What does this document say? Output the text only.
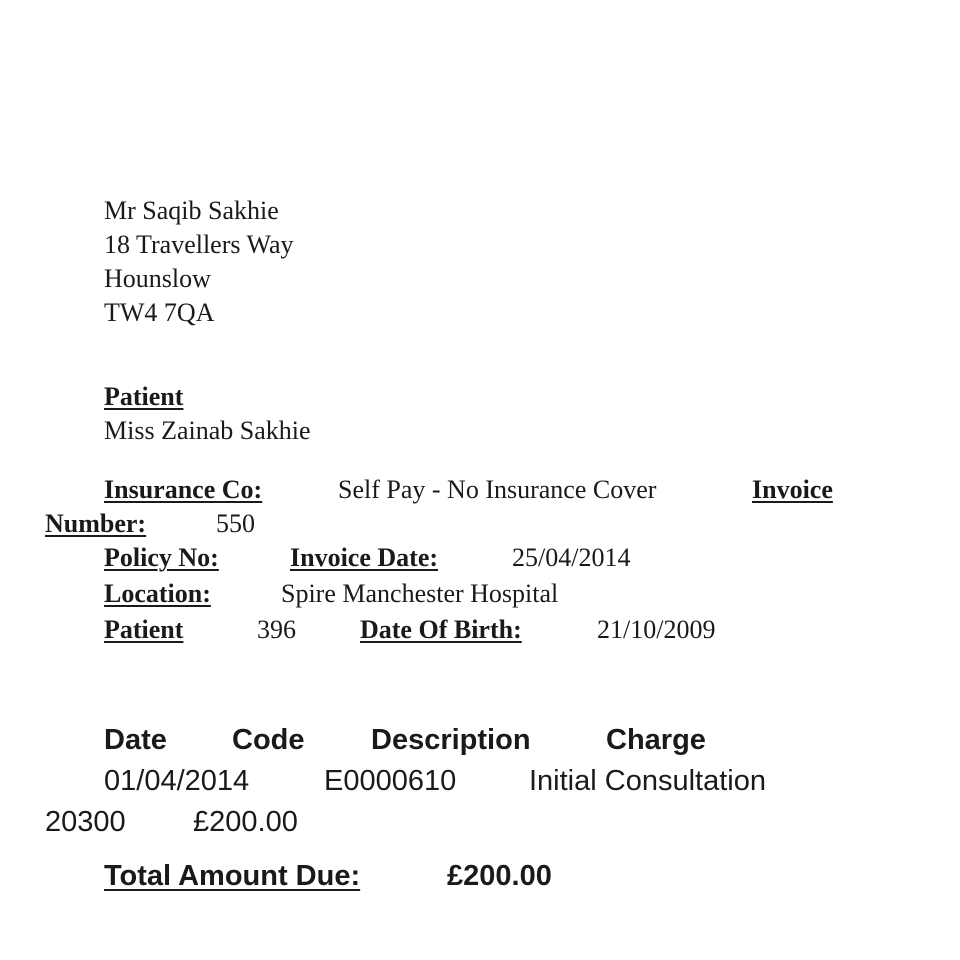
Mr Saqib Sakhie
18 Travellers Way
Hounslow
TW4 7QA
Patient
Miss Zainab Sakhie
Insurance Co:	Self Pay - No Insurance Cover	Invoice
Number:	550
Policy No:	Invoice Date:	25/04/2014
Location:	Spire Manchester Hospital
Patient	396 Date Of Birth:	21/10/2009
Date Code Description	Charge
01/04/2014	E0000610	Initial Consultation
20300 £200.00
Total Amount Due:	£200.00
